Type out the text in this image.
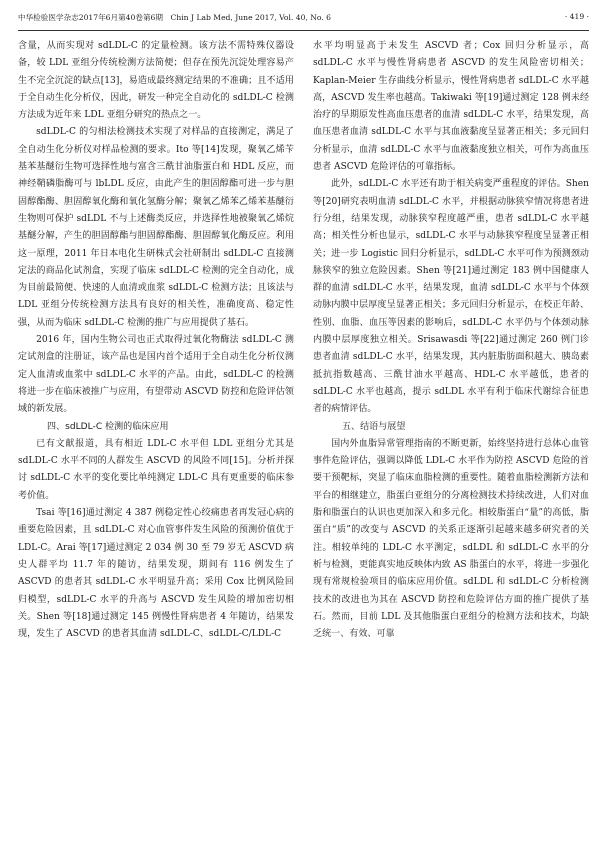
中华检验医学杂志2017年6月第40卷第6期　Chin J Lab Med, June 2017, Vol. 40, No. 6	· 419 ·

含量，从而实现对 sdLDL-C 的定量检测。该方法不需特殊仪器设备，较 LDL 亚组分传统检测方法简便；但存在预先沉淀处理容易产生不完全沉淀的缺点[13]，易造成最终测定结果的不准确；且不适用于全自动生化分析仪，因此，研发一种完全自动化的 sdLDL-C 检测方法成为近年来 LDL 亚组分研究的热点之一。

sdLDL-C 的匀相法检测技术实现了对样品的直接测定，满足了全自动生化分析仪对样品检测的要求。Ito 等[14]发现，聚氧乙烯苄基苯基醚衍生物可选择性地与富含三酰甘油脂蛋白和 HDL 反应，而神经鞘磷脂酶可与 lbLDL 反应，由此产生的胆固醇酯可进一步与胆固醇酯酶、胆固醇氧化酶和氧化氢酶分解；聚氧乙烯苯乙烯苯基醚衍生物则可保护 sdLDL 不与上述酶类反应，并选择性地被聚氧乙烯烷基醚分解，产生的胆固醇酯与胆固醇酯酶、胆固醇氧化酶反应。利用这一原理，2011 年日本电化生研株式会社研制出 sdLDL-C 直接测定法的商品化试剂盒，实现了临床 sdLDL-C 检测的完全自动化，成为目前最简便、快速的人血清或血浆 sdLDL-C 检测方法；且该法与 LDL 亚组分传统检测方法具有良好的相关性，准确度高、稳定性强，从而为临床 sdLDL-C 检测的推广与应用提供了基石。

2016 年，国内生物公司也正式取得过氧化物酶法 sdLDL-C 测定试剂盒的注册证，该产品也是国内首个适用于全自动生化分析仪测定人血清或血浆中 sdLDL-C 水平的产品。由此，sdLDL-C 的检测将进一步在临床被推广与应用，有望带动 ASCVD 防控和危险评估领域的新发展。

四、sdLDL-C 检测的临床应用

已有文献报道，具有相近 LDL-C 水平但 LDL 亚组分尤其是 sdLDL-C 水平不同的人群发生 ASCVD 的风险不同[15]。分析并探讨 sdLDL-C 水平的变化要比单纯测定 LDL-C 具有更重要的临床参考价值。

Tsai 等[16]通过测定 4 387 例稳定性心绞痛患者再发冠心病的重要危险因素，且 sdLDL-C 对心血管事件发生风险的预测价值优于 LDL-C。Arai 等[17]通过测定 2 034 例 30 至 79 岁无 ASCVD 病史人群平均 11.7 年的随访，结果发现，期间有 116 例发生了 ASCVD 的患者其 sdLDL-C 水平明显升高；采用 Cox 比例风险回归模型，sdLDL-C 水平的升高与 ASCVD 发生风险的增加密切相关。Shen 等[18]通过测定 145 例慢性肾病患者 4 年随访，结果发现，发生了 ASCVD 的患者其血清 sdLDL-C、sdLDL-C/LDL-C

水平均明显高于未发生 ASCVD 者；Cox 回归分析显示，高 sdLDL-C 水平与慢性肾病患者 ASCVD 的发生风险密切相关；Kaplan-Meier 生存曲线分析显示，慢性肾病患者 sdLDL-C 水平越高，ASCVD 发生率也越高。Takiwaki 等[19]通过测定 128 例未经治疗的早期原发性高血压患者的血清 sdLDL-C 水平，结果发现，高血压患者血清 sdLDL-C 水平与其血液黏度呈显著正相关；多元回归分析显示，血清 sdLDL-C 水平与血液黏度独立相关，可作为高血压患者 ASCVD 危险评估的可靠指标。

此外，sdLDL-C 水平还有助于相关病变严重程度的评估。Shen 等[20]研究表明血清 sdLDL-C 水平，并根据动脉狭窄情况将患者进行分组，结果发现，动脉狭窄程度越严重，患者 sdLDL-C 水平越高；相关性分析也显示，sdLDL-C 水平与动脉狭窄程度呈显著正相关；进一步 Logistic 回归分析显示，sdLDL-C 水平可作为预测颈动脉狭窄的独立危险因素。Shen 等[21]通过测定 183 例中国健康人群的血清 sdLDL-C 水平，结果发现，血清 sdLDL-C 水平与个体颈动脉内膜中层厚度呈显著正相关；多元回归分析显示，在校正年龄、性别、血脂、血压等因素的影响后，sdLDL-C 水平仍与个体颈动脉内膜中层厚度独立相关。Srisawasdi 等[22]通过测定 260 例门诊患者血清 sdLDL-C 水平，结果发现，其内脏脂肪面积越大、胰岛素抵抗指数越高、三酰甘油水平越高、HDL-C 水平越低，患者的 sdLDL-C 水平也越高，提示 sdLDL 水平有利于临床代谢综合征患者的病情评估。

五、结语与展望

国内外血脂异常管理指南的不断更新，始终坚持进行总体心血管事件危险评估，强调以降低 LDL-C 水平作为防控 ASCVD 危险的首要干预靶标，突显了临床血脂检测的重要性。随着血脂检测新方法和平台的相继建立，脂蛋白亚组分的分离检测技术持续改进，人们对血脂和脂蛋白的认识也更加深入和多元化。相较脂蛋白“量”的高低，脂蛋白“质”的改变与 ASCVD 的关系正逐渐引起越来越多研究者的关注。相较单纯的 LDL-C 水平测定，sdLDL 和 sdLDL-C 水平的分析与检测，更能真实地反映体内致 AS 脂蛋白的水平，将进一步强化现有常规检验项目的临床应用价值。sdLDL 和 sdLDL-C 分析检测技术的改进也为其在 ASCVD 防控和危险评估方面的推广提供了基石。然而，目前 LDL 及其他脂蛋白亚组分的检测方法和技术，均缺乏统一、有效、可靠
